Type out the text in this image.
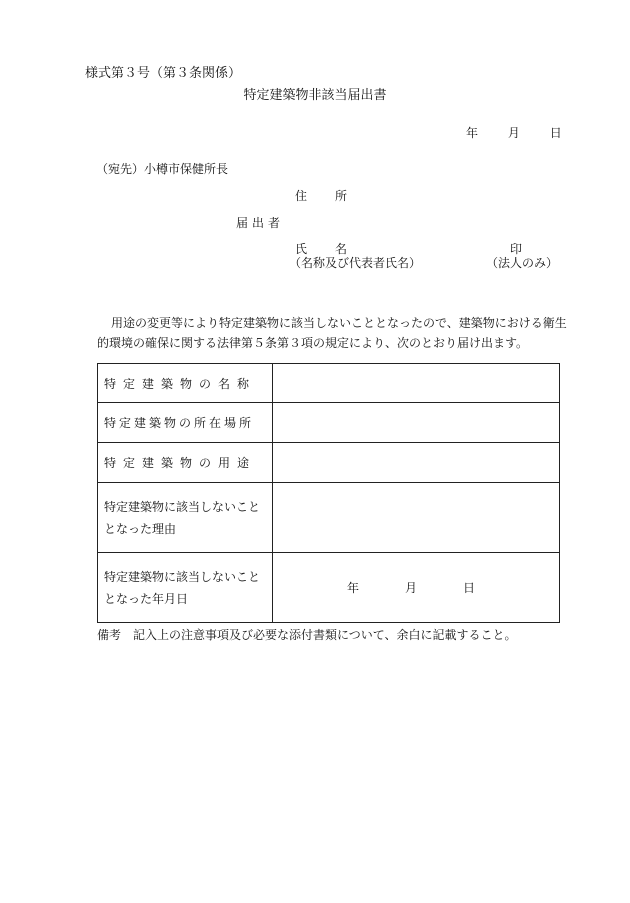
様式第３号（第３条関係）
特定建築物非該当届出書
年 月 日
（宛先）小樽市保健所長
住　所
届出者
氏　名	印
（名称及び代表者氏名）	（法人のみ）
用途の変更等により特定建築物に該当しないこととなったので、建築物における衛生的環境の確保に関する法律第５条第３項の規定により、次のとおり届け出ます。
特定建築物の名称	
特定建築物の所在場所	
特定建築物の用途	
特定建築物に該当しないこととなった理由	
特定建築物に該当しないこととなった年月日	年 月 日
備考　記入上の注意事項及び必要な添付書類について、余白に記載すること。
